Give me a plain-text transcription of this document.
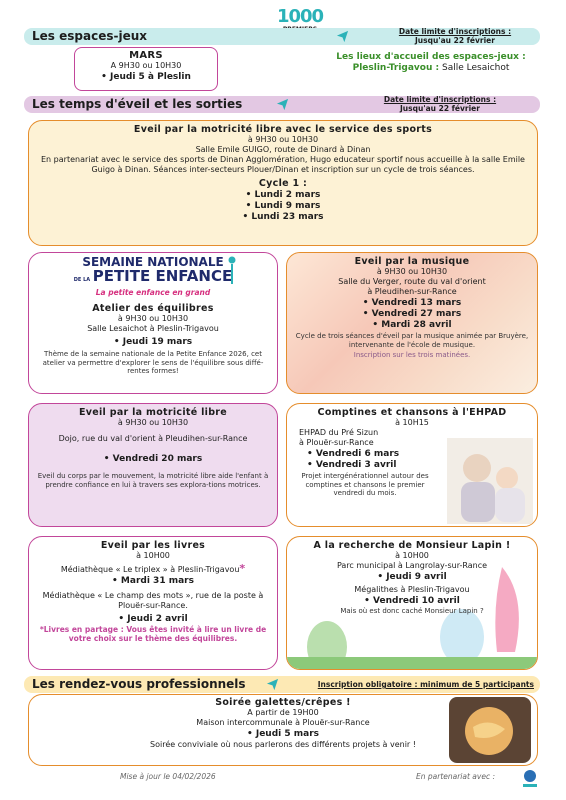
1000
Les espaces-jeux	Date limite d'inscriptions :
Jusqu'au 22 février
MARS
A 9H30 ou 10H30
• Jeudi 5 à Pleslin
Les lieux d'accueil des espaces-jeux :
Pleslin-Trigavou : Salle Lesaichot
Les temps d'éveil et les sorties	Date limite d'inscriptions :
Jusqu'au 22 février
Eveil par la motricité libre avec le service des sports
à 9H30 ou 10H30
Salle Emile GUIGO, route de Dinard à Dinan
En partenariat avec le service des sports de Dinan Agglomération, Hugo educateur sportif nous accueille à la salle Emile Guigo à Dinan. Séances inter-secteurs Plouer/Dinan et inscription sur un cycle de trois séances.
Cycle 1 :
• Lundi 2 mars
• Lundi 9 mars
• Lundi 23 mars
SEMAINE NATIONALE
DE LA PETITE ENFANCE
La petite enfance en grand
Atelier des équilibres
à 9H30 ou 10H30
Salle Lesaichot à Pleslin-Trigavou
• Jeudi 19 mars
Thème de la semaine nationale de la Petite Enfance 2026, cet atelier va permettre d'explorer le sens de l'équilibre sous diffé-rentes formes!
Eveil par la musique
à 9H30 ou 10H30
Salle du Verger, route du val d'orient
à Pleudihen-sur-Rance
• Vendredi 13 mars
• Vendredi 27 mars
• Mardi 28 avril
Cycle de trois séances d'éveil par la musique animée par Bruyère, intervenante de l'école de musique.
Inscription sur les trois matinées.
Eveil par la motricité libre
à 9H30 ou 10H30
Dojo, rue du val d'orient à Pleudihen-sur-Rance
• Vendredi 20 mars
Eveil du corps par le mouvement, la motricité libre aide l'enfant à prendre confiance en lui à travers ses explora-tions motrices.
Comptines et chansons à l'EHPAD
à 10H15
EHPAD du Pré Sizun
à Plouër-sur-Rance
• Vendredi 6 mars
• Vendredi 3 avril
Projet intergénérationnel autour des comptines et chansons le premier vendredi du mois.
Eveil par les livres
à 10H00
Médiathèque « Le triplex » à Pleslin-Trigavou*
• Mardi 31 mars
Médiathèque « Le champ des mots », rue de la poste à Plouër-sur-Rance.
• Jeudi 2 avril
*Livres en partage : Vous êtes invité à lire un livre de votre choix sur le thème des équilibres.
A la recherche de Monsieur Lapin !
à 10H00
Parc municipal à Langrolay-sur-Rance
• Jeudi 9 avril
Mégalithes à Pleslin-Trigavou
• Vendredi 10 avril
Mais où est donc caché Monsieur Lapin ?
Les rendez-vous professionnels	Inscription obligatoire : minimum de 5 participants
Soirée galettes/crêpes !
A partir de 19H00
Maison intercommunale à Plouër-sur-Rance
• Jeudi 5 mars
Soirée conviviale où nous parlerons des différents projets à venir !
Mise à jour le 04/02/2026	En partenariat avec :
